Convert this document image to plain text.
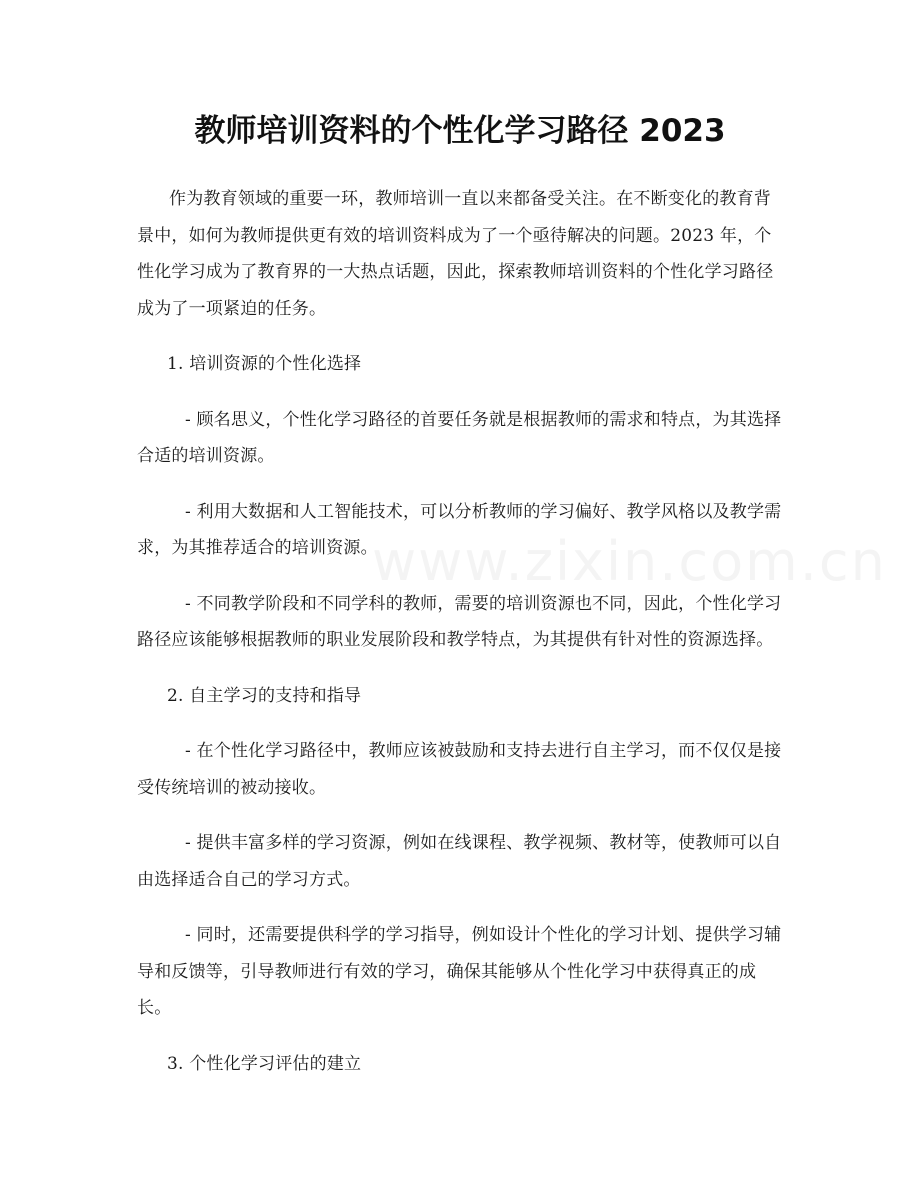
www.zixin.com.cn
教师培训资料的个性化学习路径 2023

作为教育领域的重要一环，教师培训一直以来都备受关注。在不断变化的教育背景中，如何为教师提供更有效的培训资料成为了一个亟待解决的问题。2023 年，个性化学习成为了教育界的一大热点话题，因此，探索教师培训资料的个性化学习路径成为了一项紧迫的任务。

1. 培训资源的个性化选择

- 顾名思义，个性化学习路径的首要任务就是根据教师的需求和特点，为其选择合适的培训资源。

- 利用大数据和人工智能技术，可以分析教师的学习偏好、教学风格以及教学需求，为其推荐适合的培训资源。

- 不同教学阶段和不同学科的教师，需要的培训资源也不同，因此，个性化学习路径应该能够根据教师的职业发展阶段和教学特点，为其提供有针对性的资源选择。

2. 自主学习的支持和指导

- 在个性化学习路径中，教师应该被鼓励和支持去进行自主学习，而不仅仅是接受传统培训的被动接收。

- 提供丰富多样的学习资源，例如在线课程、教学视频、教材等，使教师可以自由选择适合自己的学习方式。

- 同时，还需要提供科学的学习指导，例如设计个性化的学习计划、提供学习辅导和反馈等，引导教师进行有效的学习，确保其能够从个性化学习中获得真正的成长。

3. 个性化学习评估的建立
